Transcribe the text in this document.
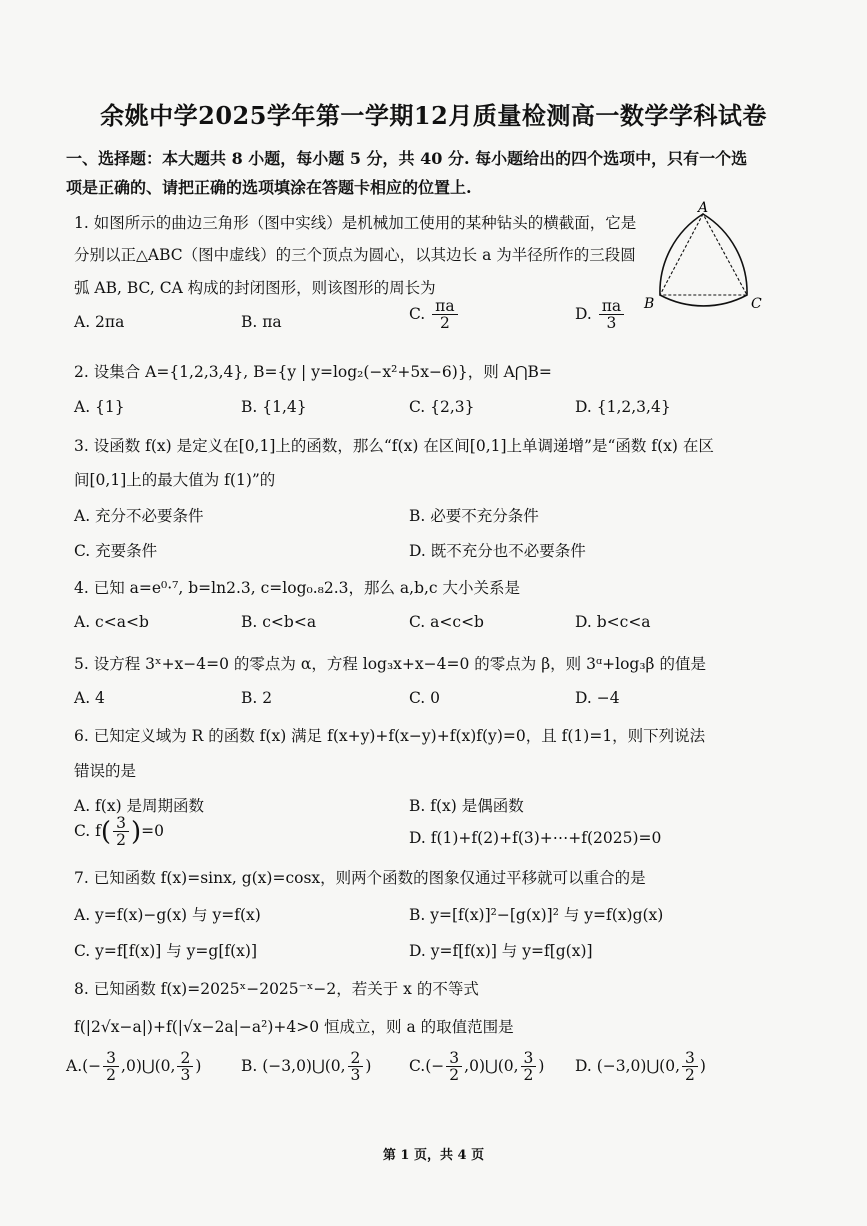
余姚中学2025学年第一学期12月质量检测高一数学学科试卷
一、选择题：本大题共 8 小题，每小题 5 分，共 40 分. 每小题给出的四个选项中，只有一个选
项是正确的、请把正确的选项填涂在答题卡相应的位置上.
1. 如图所示的曲边三角形（图中实线）是机械加工使用的某种钻头的横截面，它是
分别以正△ABC（图中虚线）的三个顶点为圆心，以其边长 a 为半径所作的三段圆
弧 AB, BC, CA 构成的封闭图形，则该图形的周长为
A
B	C
A. 2πa	B. πa	C. $\frac{\pi a}{2}$	D. $\frac{\pi a}{3}$
2. 设集合 A={1,2,3,4}, B={y | y=log₂(−x²+5x−6)}，则 A⋂B=
A. {1}	B. {1,4}	C. {2,3}	D. {1,2,3,4}
3. 设函数 f(x) 是定义在[0,1]上的函数，那么“f(x) 在区间[0,1]上单调递增”是“函数 f(x) 在区
间[0,1]上的最大值为 f(1)”的
A. 充分不必要条件	B. 必要不充分条件
C. 充要条件	D. 既不充分也不必要条件
4. 已知 a=e⁰·⁷, b=ln2.3, c=log₀.₈2.3，那么 a,b,c 大小关系是
A. c<a<b	B. c<b<a	C. a<c<b	D. b<c<a
5. 设方程 3ˣ+x−4=0 的零点为 α，方程 log₃x+x−4=0 的零点为 β，则 3ᵅ+log₃β 的值是
A. 4	B. 2	C. 0	D. −4
6. 已知定义域为 R 的函数 f(x) 满足 f(x+y)+f(x−y)+f(x)f(y)=0，且 f(1)=1，则下列说法
错误的是
A. f(x) 是周期函数	B. f(x) 是偶函数
C. $f( \frac{3}{2} )=0$	D. f(1)+f(2)+f(3)+⋯+f(2025)=0
7. 已知函数 f(x)=sinx, g(x)=cosx，则两个函数的图象仅通过平移就可以重合的是
A. y=f(x)−g(x) 与 y=f(x)	B. y=[f(x)]²−[g(x)]² 与 y=f(x)g(x)
C. y=f[f(x)] 与 y=g[f(x)]	D. y=f[f(x)] 与 y=f[g(x)]
8. 已知函数 f(x)=2025ˣ−2025⁻ˣ−2，若关于 x 的不等式
f(|2√x−a|)+f(|√x−2a|−a²)+4>0 恒成立，则 a 的取值范围是
$A.(- \frac{3}{2}$ ,0)⋃(0, $\frac{2}{3}$ )	B. (−3,0)⋃(0, $\frac{2}{3}$ ) $C.(- \frac{3}{2}$ ,0)⋃(0, $\frac{3}{2}$ ) D. (−3,0)⋃(0, $\frac{3}{2}$ )
第 1 页，共 4 页
